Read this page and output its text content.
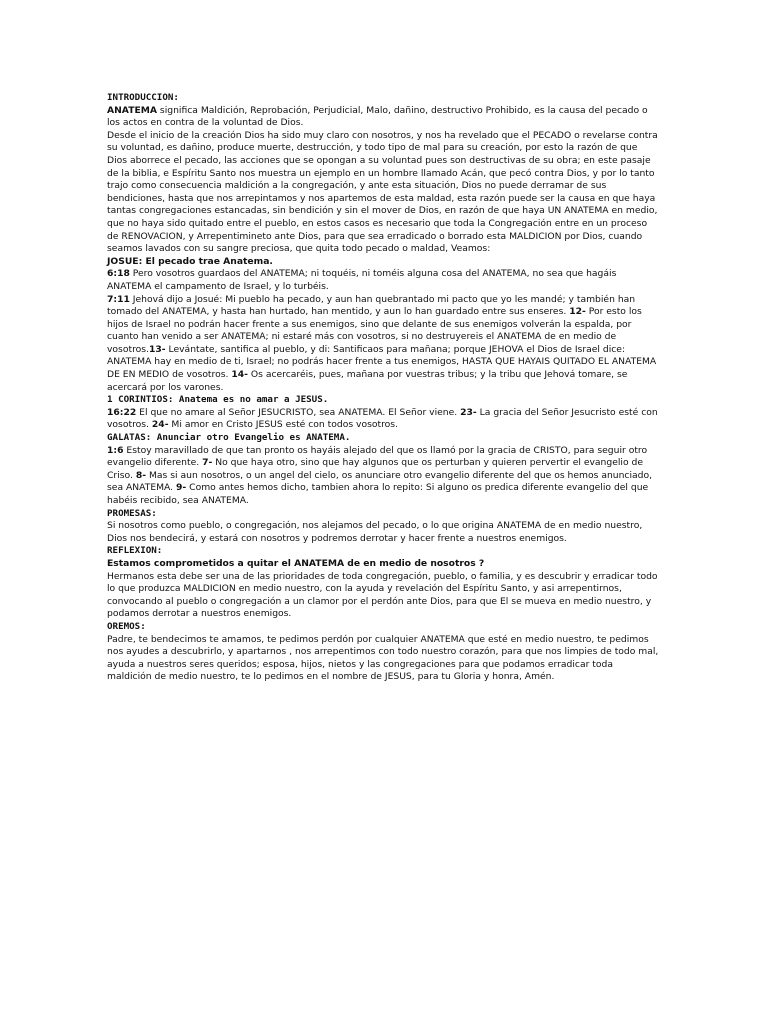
INTRODUCCION:

ANATEMA significa Maldición, Reprobación, Perjudicial, Malo, dañino, destructivo Prohibido, es la causa del pecado o los actos en contra de la voluntad de Dios.

Desde el inicio de la creación Dios ha sido muy claro con nosotros, y nos ha revelado que el PECADO o revelarse contra su voluntad, es dañino, produce muerte, destrucción, y todo tipo de mal para su creación, por esto la razón de que Dios aborrece el pecado, las acciones que se opongan a su voluntad pues son destructivas de su obra; en este pasaje de la biblia, e Espíritu Santo nos muestra un ejemplo en un hombre llamado Acán, que pecó contra Dios, y por lo tanto trajo como consecuencia maldición a la congregación, y ante esta situación, Dios no puede derramar de sus bendiciones, hasta que nos arrepintamos y nos apartemos de esta maldad, esta razón puede ser la causa en que haya tantas congregaciones estancadas, sin bendición y sin el mover de Dios, en razón de que haya UN ANATEMA en medio, que no haya sido quitado entre el pueblo, en estos casos es necesario que toda la Congregación entre en un proceso de RENOVACION, y Arrepentimineto ante Dios, para que sea erradicado o borrado esta MALDICION por Dios, cuando seamos lavados con su sangre preciosa, que quita todo pecado o maldad, Veamos:

JOSUE: El pecado trae Anatema.

6:18 Pero vosotros guardaos del ANATEMA; ni toquéis, ni toméis alguna cosa del ANATEMA, no sea que hagáis ANATEMA el campamento de Israel, y lo turbéis.

7:11 Jehová dijo a Josué: Mi pueblo ha pecado, y aun han quebrantado mi pacto que yo les mandé; y también han tomado del ANATEMA, y hasta han hurtado, han mentido, y aun lo han guardado entre sus enseres. 12- Por esto los hijos de Israel no podrán hacer frente a sus enemigos, sino que delante de sus enemigos volverán la espalda, por cuanto han venido a ser ANATEMA; ni estaré más con vosotros, si no destruyereis el ANATEMA de en medio de vosotros.13- Levántate, santifica al pueblo, y di: Santificaos para mañana; porque JEHOVA el Dios de Israel dice: ANATEMA hay en medio de ti, Israel; no podrás hacer frente a tus enemigos, HASTA QUE HAYAIS QUITADO EL ANATEMA DE EN MEDIO de vosotros. 14- Os acercaréis, pues, mañana por vuestras tribus; y la tribu que Jehová tomare, se acercará por los varones.

1 CORINTIOS: Anatema es no amar a JESUS.

16:22 El que no amare al Señor JESUCRISTO, sea ANATEMA. El Señor viene. 23- La gracia del Señor Jesucristo esté con vosotros. 24- Mi amor en Cristo JESUS esté con todos vosotros.

GALATAS: Anunciar otro Evangelio es ANATEMA.

1:6 Estoy maravillado de que tan pronto os hayáis alejado del que os llamó por la gracia de CRISTO, para seguir otro evangelio diferente. 7- No que haya otro, sino que hay algunos que os perturban y quieren pervertir el evangelio de Criso. 8- Mas si aun nosotros, o un angel del cielo, os anunciare otro evangelio diferente del que os hemos anunciado, sea ANATEMA. 9- Como antes hemos dicho, tambien ahora lo repito: Si alguno os predica diferente evangelio del que habéis recibido, sea ANATEMA.

PROMESAS:

Si nosotros como pueblo, o congregación, nos alejamos del pecado, o lo que origina ANATEMA de en medio nuestro, Dios nos bendecirá, y estará con nosotros y podremos derrotar y hacer frente a nuestros enemigos.

REFLEXION:

Estamos comprometidos a quitar el ANATEMA de en medio de nosotros ?

Hermanos esta debe ser una de las prioridades de toda congregación, pueblo, o familia, y es descubrir y erradicar todo lo que produzca MALDICION en medio nuestro, con la ayuda y revelación del Espíritu Santo, y asi arrepentirnos, convocando al pueblo o congregación a un clamor por el perdón ante Dios, para que El se mueva en medio nuestro, y podamos derrotar a nuestros enemigos.

OREMOS:

Padre, te bendecimos te amamos, te pedimos perdón por cualquier ANATEMA que esté en medio nuestro, te pedimos nos ayudes a descubrirlo, y apartarnos , nos arrepentimos con todo nuestro corazón, para que nos limpies de todo mal, ayuda a nuestros seres queridos; esposa, hijos, nietos y las congregaciones para que podamos erradicar toda maldición de medio nuestro, te lo pedimos en el nombre de JESUS, para tu Gloria y honra, Amén.
